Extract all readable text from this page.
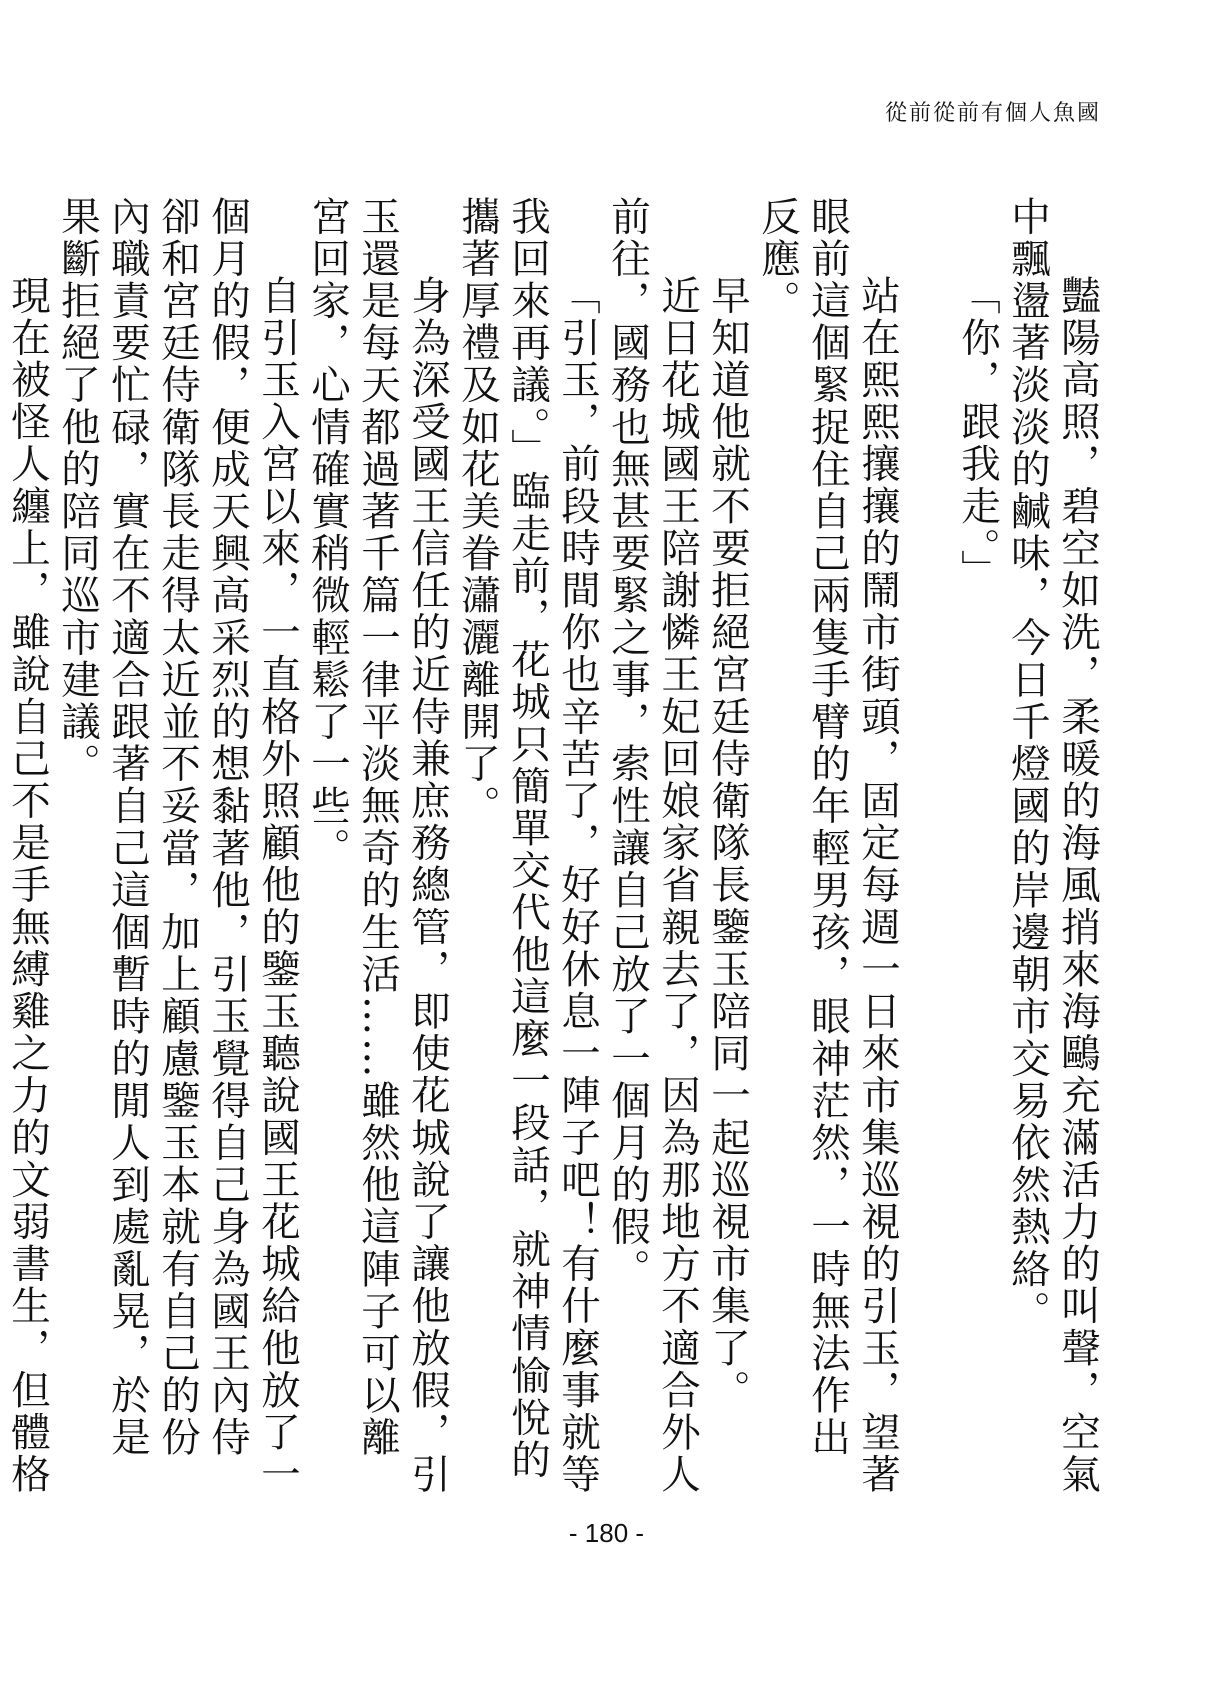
從前從前有個人魚國

豔陽高照，碧空如洗，柔暖的海風捎來海鷗充滿活力的叫聲，空氣中飄盪著淡淡的鹹味，今日千燈國的岸邊朝市交易依然熱絡。

「你，跟我走。」

站在熙熙攘攘的鬧市街頭，固定每週一日來市集巡視的引玉，望著眼前這個緊捉住自己兩隻手臂的年輕男孩，眼神茫然，一時無法作出反應。

早知道他就不要拒絕宮廷侍衛隊長鑒玉陪同一起巡視市集了。

近日花城國王陪謝憐王妃回娘家省親去了，因為那地方不適合外人前往，國務也無甚要緊之事，索性讓自己放了一個月的假。

「引玉，前段時間你也辛苦了，好好休息一陣子吧！有什麼事就等我回來再議。」臨走前，花城只簡單交代他這麼一段話，就神情愉悅的攜著厚禮及如花美眷瀟灑離開了。

身為深受國王信任的近侍兼庶務總管，即使花城說了讓他放假，引玉還是每天都過著千篇一律平淡無奇的生活……雖然他這陣子可以離宮回家，心情確實稍微輕鬆了一些。

自引玉入宮以來，一直格外照顧他的鑒玉聽說國王花城給他放了一個月的假，便成天興高采烈的想黏著他，引玉覺得自己身為國王內侍卻和宮廷侍衛隊長走得太近並不妥當，加上顧慮鑒玉本就有自己的份內職責要忙碌，實在不適合跟著自己這個暫時的閒人到處亂晃，於是果斷拒絕了他的陪同巡市建議。

現在被怪人纏上，雖說自己不是手無縛雞之力的文弱書生，但體格

- 180 -
